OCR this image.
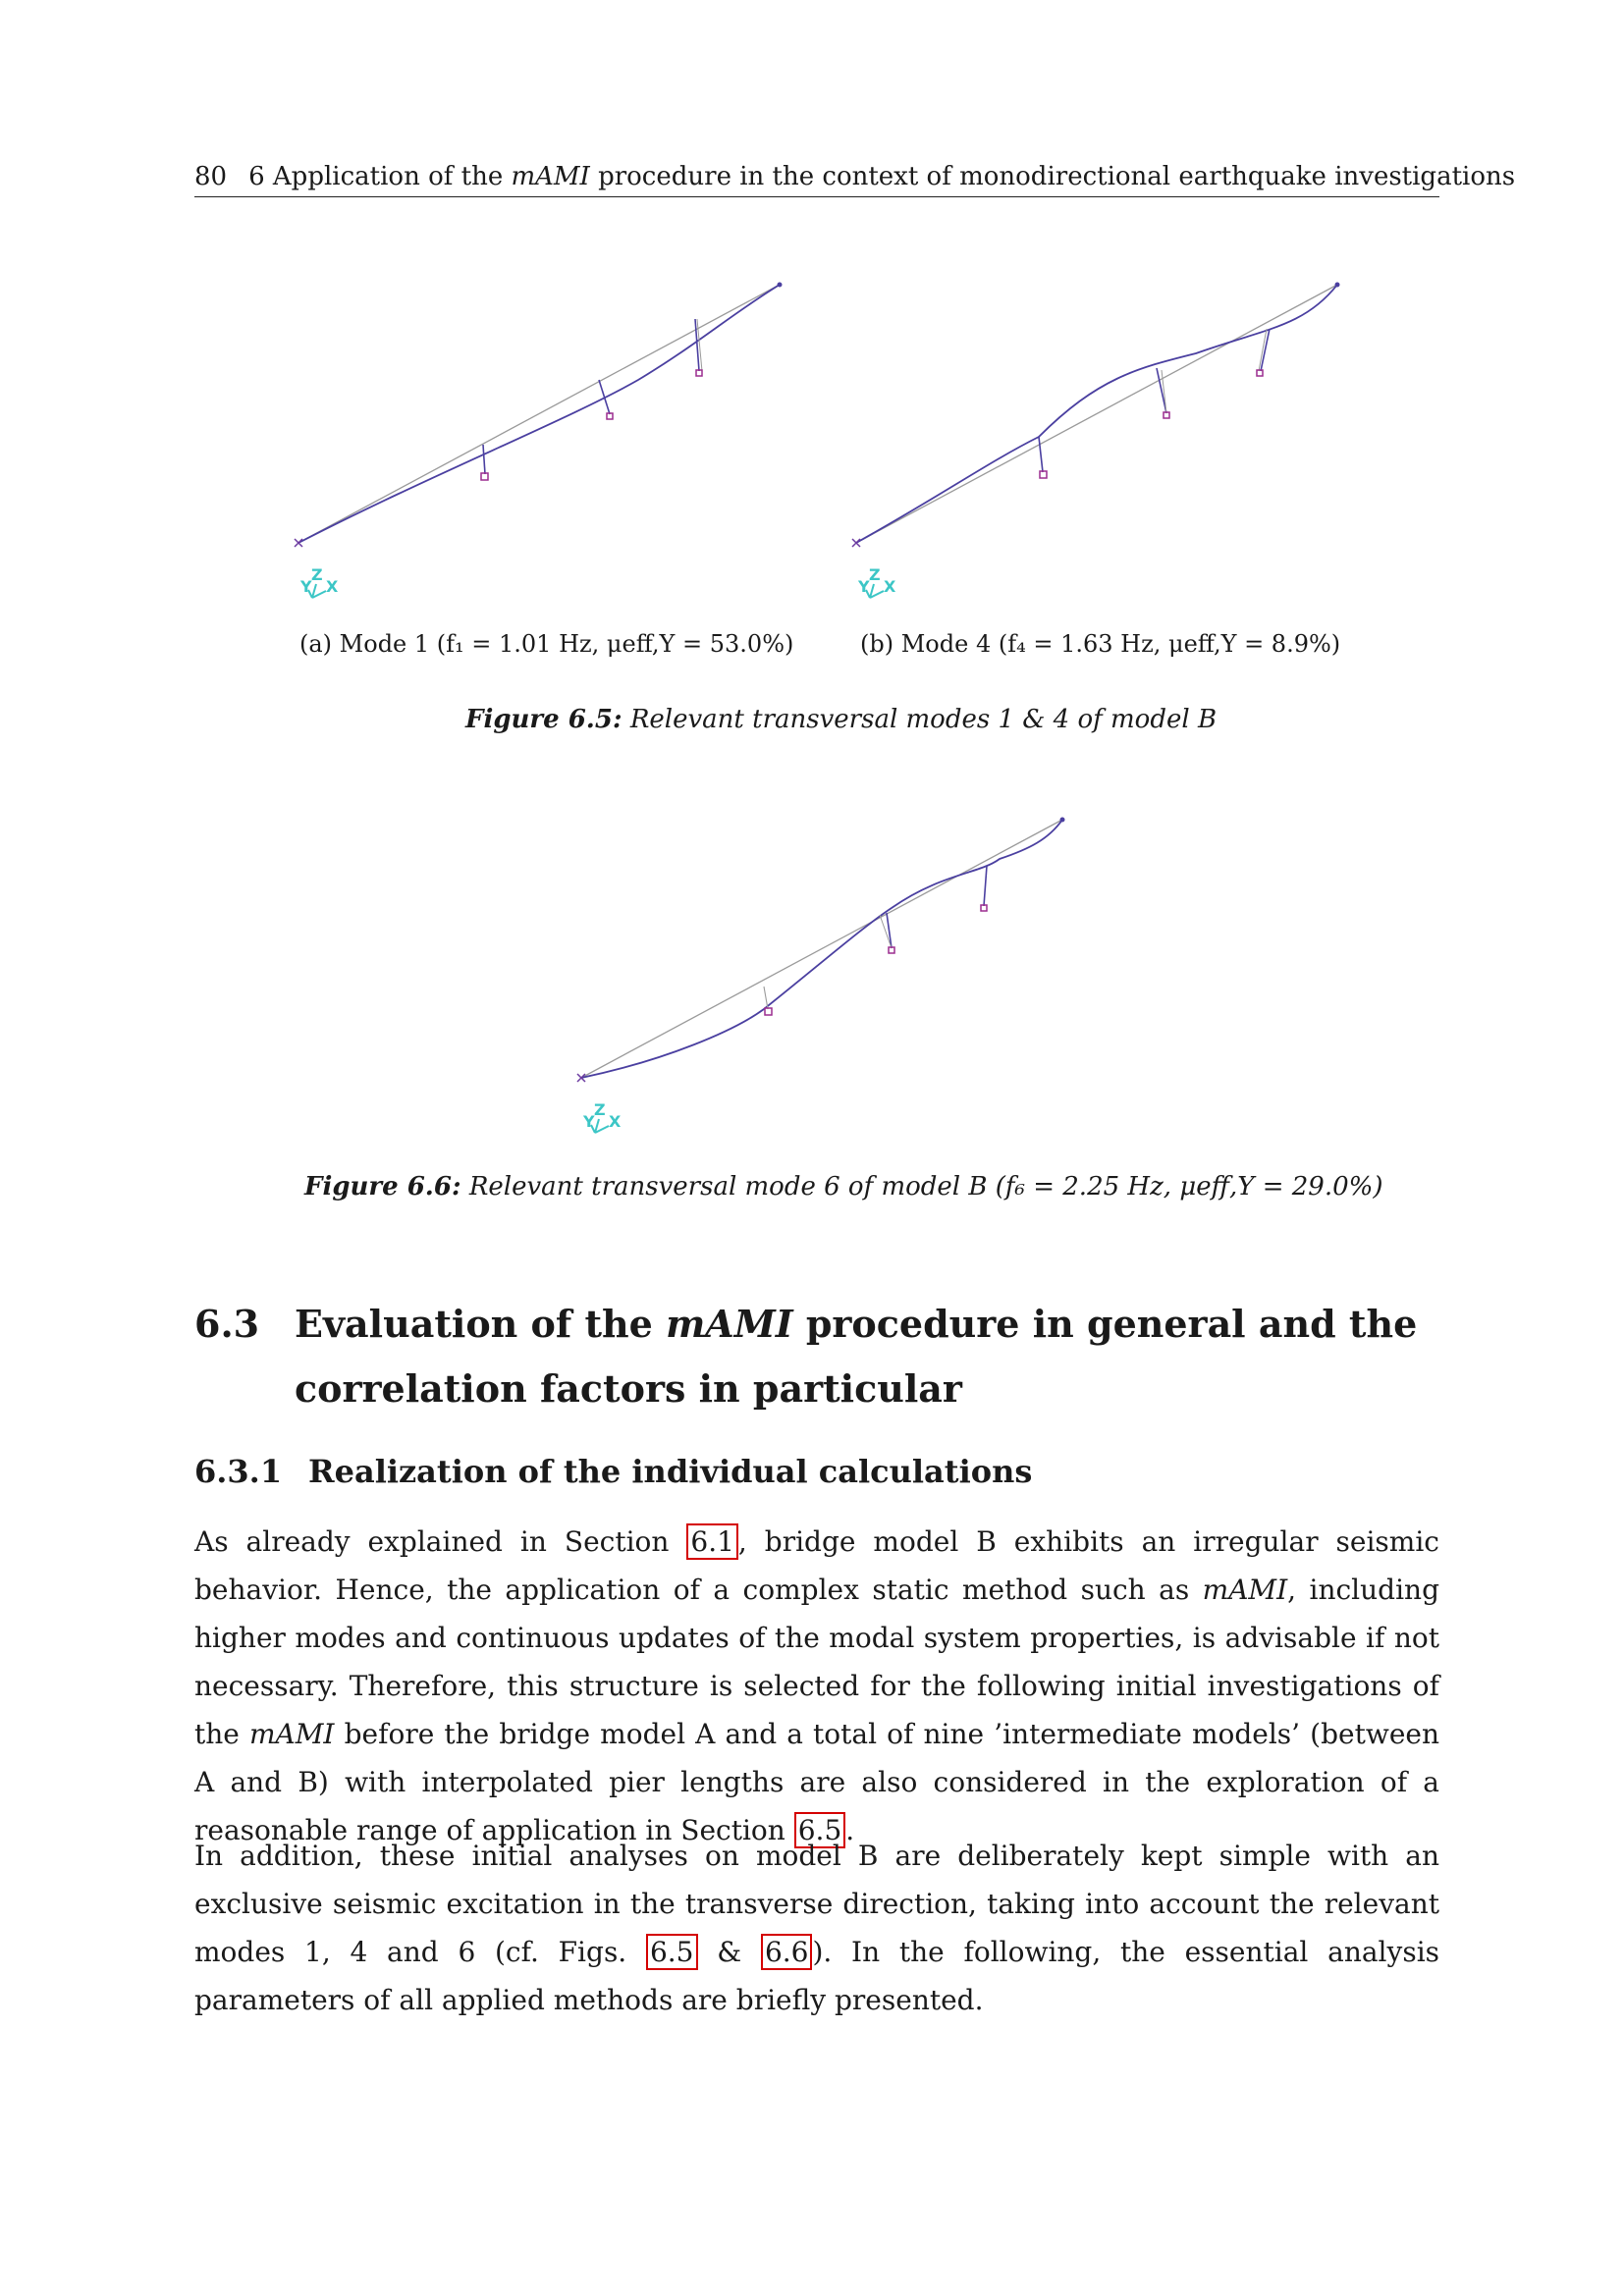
80 6 Application of the mAMI procedure in the context of monodirectional earthquake investigations
Y
Z
X
(a) Mode 1 (f₁ = 1.01 Hz, μeff,Y = 53.0%)
Y
Z
X
(b) Mode 4 (f₄ = 1.63 Hz, μeff,Y = 8.9%)
Figure 6.5: Relevant transversal modes 1 & 4 of model B
Y
Z
X
Figure 6.6: Relevant transversal mode 6 of model B (f₆ = 2.25 Hz, μeff,Y = 29.0%)
6.3 Evaluation of the mAMI procedure in general and the correlation factors in particular
6.3.1 Realization of the individual calculations
As already explained in Section 6.1 , bridge model B exhibits an irregular seismic behavior. Hence, the application of a complex static method such as mAMI, including higher modes and continuous updates of the modal system properties, is advisable if not necessary. Therefore, this structure is selected for the following initial investigations of the mAMI before the bridge model A and a total of nine ’intermediate models’ (between A and B) with interpolated pier lengths are also considered in the exploration of a reasonable range of application in Section 6.5 .
In addition, these initial analyses on model B are deliberately kept simple with an exclusive seismic excitation in the transverse direction, taking into account the relevant modes 1, 4 and 6 (cf. Figs. 6.5 & 6.6 ). In the following, the essential analysis parameters of all applied methods are briefly presented.
